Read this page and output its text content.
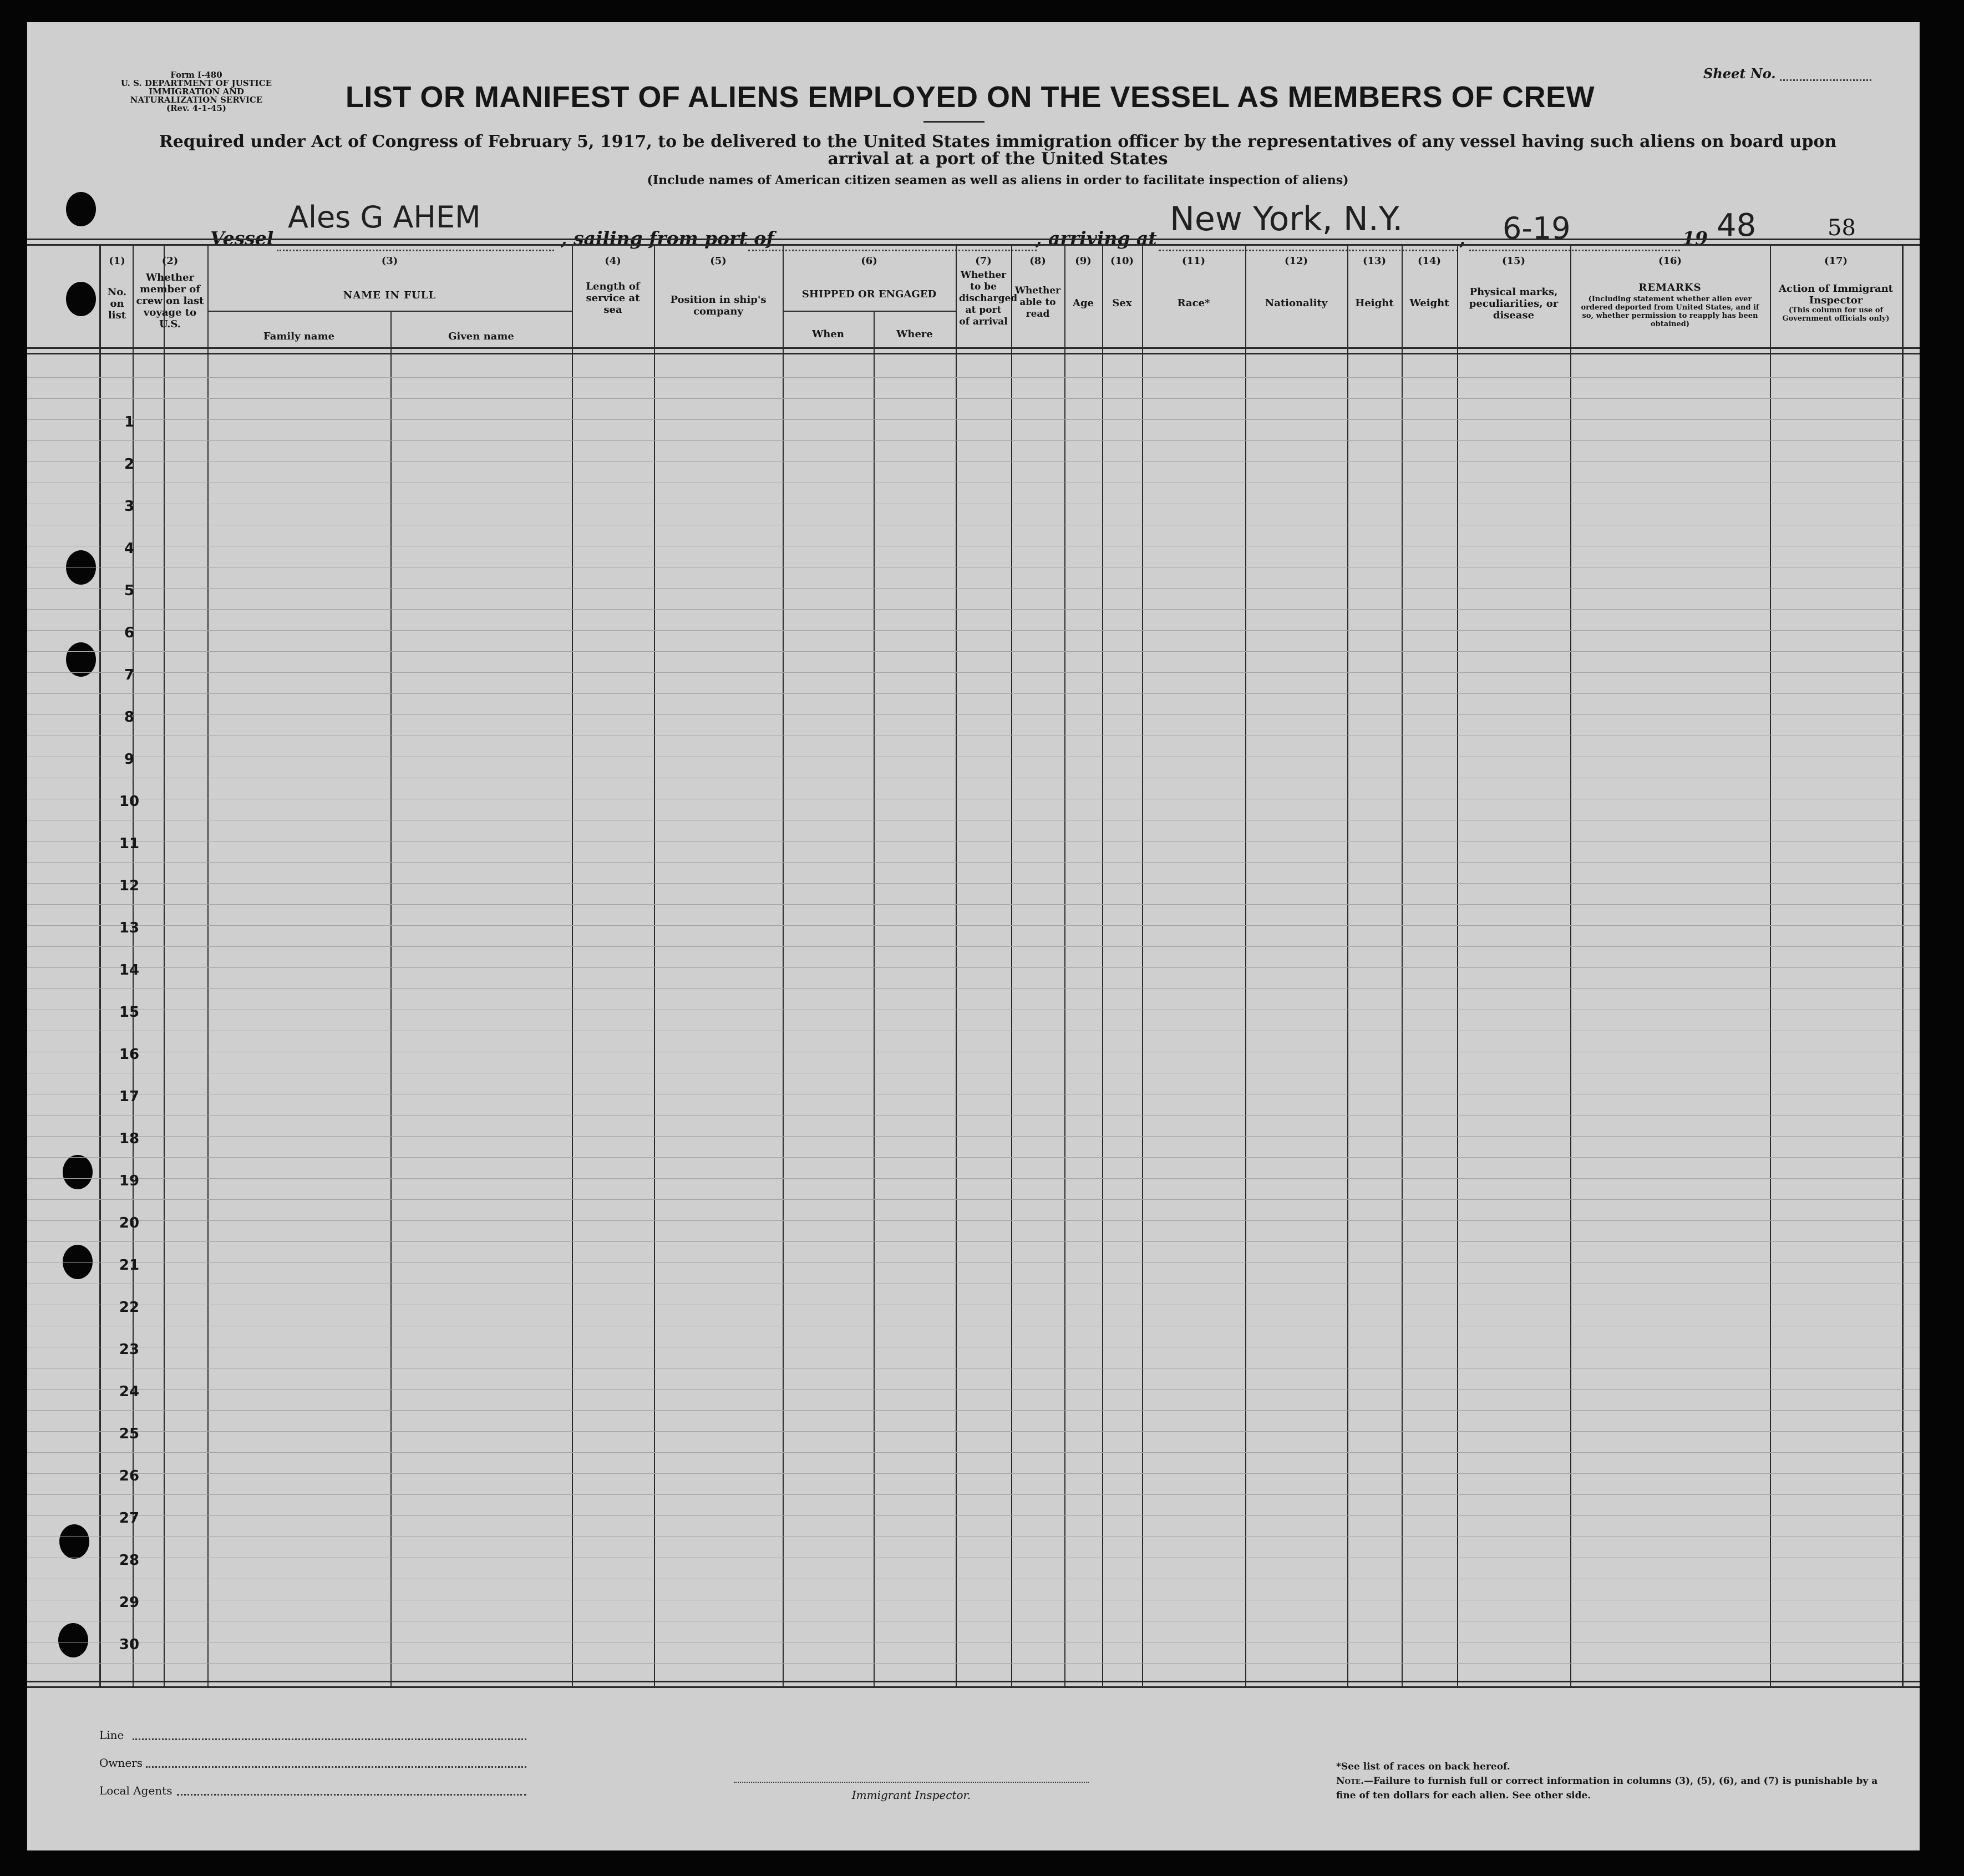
Form I-480
U. S. DEPARTMENT OF JUSTICE
IMMIGRATION AND NATURALIZATION SERVICE
(Rev. 4-1-45)
Sheet No.
LIST OR MANIFEST OF ALIENS EMPLOYED ON THE VESSEL AS MEMBERS OF CREW
Required under Act of Congress of February 5, 1917, to be delivered to the United States immigration officer by the representatives of any vessel having such aliens on board upon arrival at a port of the United States
(Include names of American citizen seamen as well as aliens in order to facilitate inspection of aliens)
Vessel
Ales G AHEM
, sailing from port of	, arriving at New York, N.Y.	, 6-19	19 48	58
(1)	(2)	(3)	(4)	(5)	(6)	(7)	(8)	(9)	(10)	(11)	(12)	(13)	(14)	(15)	(16)	(17)
No. on list
Whether member of crew on last voyage to U.S.
NAME IN FULL
Family name	Given name
Length of service at sea
Position in ship's company
SHIPPED OR ENGAGED
When	Where
Whether to be discharged at port of arrival
Whether able to read
Age	Sex	Race*	Nationality	Height	Weight
Physical marks, peculiarities, or disease
REMARKS
(Including statement whether alien ever ordered deported from United States, and if so, whether permission to reapply has been obtained)
Action of Immigrant Inspector
(This column for use of Government officials only)
1
2
3
4
5
6
7
8
9
10
11
12
13
14
15
16
17
18
19
20
21
22
23
24
25
26
27
28
29
30
Line
Owners
Local Agents	Immigrant Inspector.
*See list of races on back hereof.
Note.—Failure to furnish full or correct information in columns (3), (5), (6), and (7) is punishable by a fine of ten dollars for each alien. See other side.
